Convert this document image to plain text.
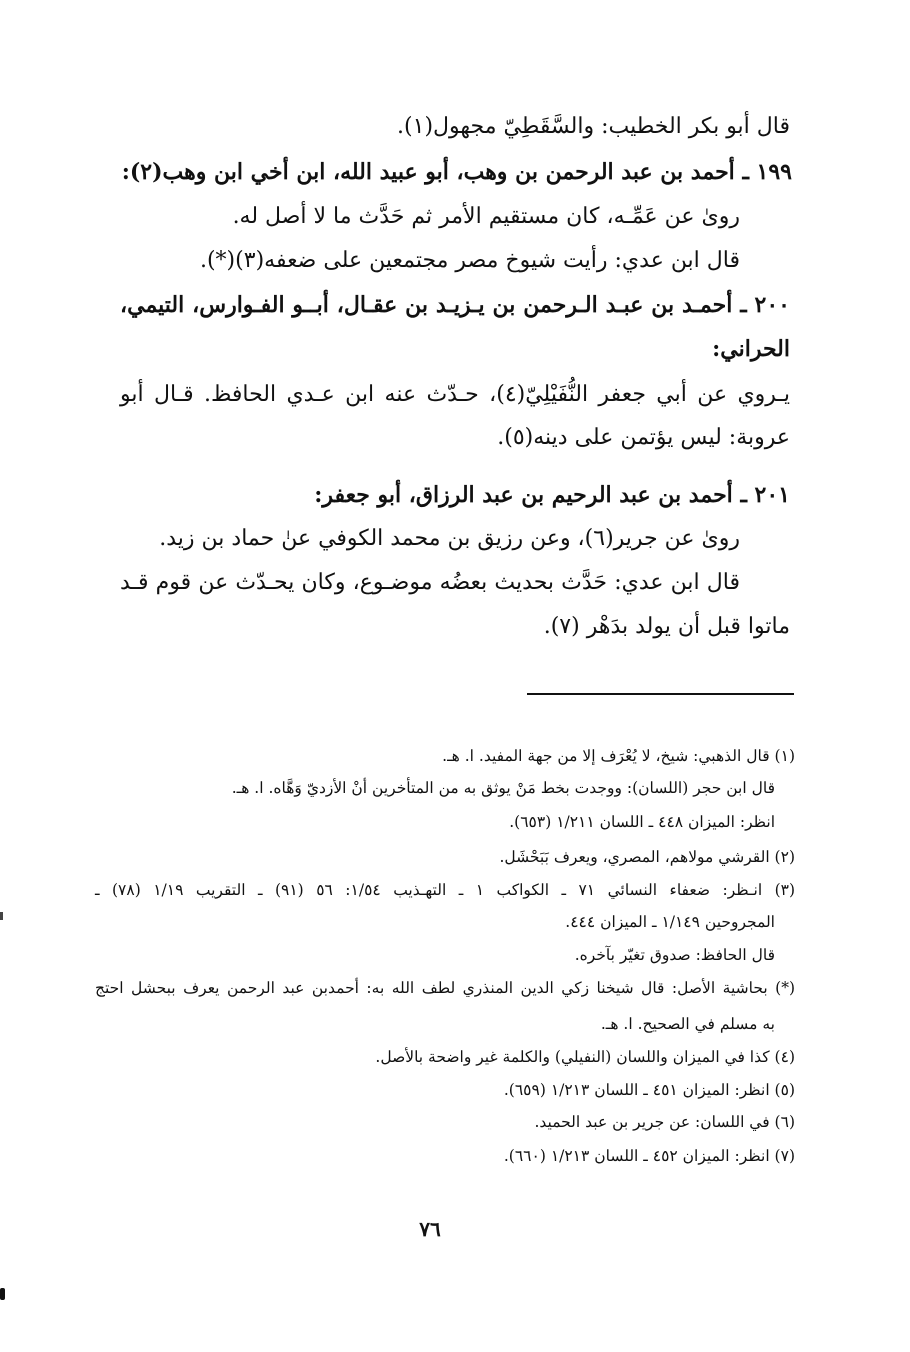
قال أبو بكر الخطيب: والسَّقَطِيّ مجهول(١).
١٩٩ ـ أحمد بن عبد الرحمن بن وهب، أبو عبيد الله، ابن أخي ابن وهب(٢):
روىٰ عن عَمِّـه، كان مستقيم الأمر ثم حَدَّث ما لا أصل له.
قال ابن عدي: رأيت شيوخ مصر مجتمعين على ضعفه(٣)(*).
٢٠٠ ـ أحمـد بن عبـد الـرحمن بن يـزيـد بن عقـال، أبــو الفـوارس، التيمي،
الحراني:
يـروي عن أبي جعفر النُّفَيْلِيّ(٤)، حـدّث عنه ابن عـدي الحافظ. قـال أبو
عروبة: ليس يؤتمن على دينه(٥).
٢٠١ ـ أحمد بن عبد الرحيم بن عبد الرزاق، أبو جعفر:
روىٰ عن جرير(٦)، وعن رزيق بن محمد الكوفي عنٰ حماد بن زيد.
قال ابن عدي: حَدَّث بحديث بعضُه موضـوع، وكان يحـدّث عن قوم قـد
ماتوا قبل أن يولد بدَهْر (٧).
(١) قال الذهبي: شيخ، لا يُعْرَف إلا من جهة المفيد. ا. هـ.
قال ابن حجر (اللسان): ووجدت بخط مَنْ يوثق به من المتأخرين أنْ الأزديّ وَهَّاه. ا. هـ.
انظر: الميزان ٤٤٨ ـ اللسان ١/٢١١ (٦٥٣).
(٢) القرشي مولاهم، المصري، ويعرف بَبَحْشَل.
(٣) انـظر: ضعفاء النسائي ٧١ ـ الكواكب ١ ـ التهـذيب ١/٥٤: ٥٦ (٩١) ـ التقريب ١/١٩ (٧٨) ـ
المجروحين ١/١٤٩ ـ الميزان ٤٤٤.
قال الحافظ: صدوق تغيّر بآخره.
(*) بحاشية الأصل: قال شيخنا زكي الدين المنذري لطف الله به: أحمدبن عبد الرحمن يعرف ببحشل احتج
به مسلم في الصحيح. ا. هـ.
(٤) كذا في الميزان واللسان (النفيلي) والكلمة غير واضحة بالأصل.
(٥) انظر: الميزان ٤٥١ ـ اللسان ١/٢١٣ (٦٥٩).
(٦) في اللسان: عن جرير بن عبد الحميد.
(٧) انظر: الميزان ٤٥٢ ـ اللسان ١/٢١٣ (٦٦٠).
٧٦
